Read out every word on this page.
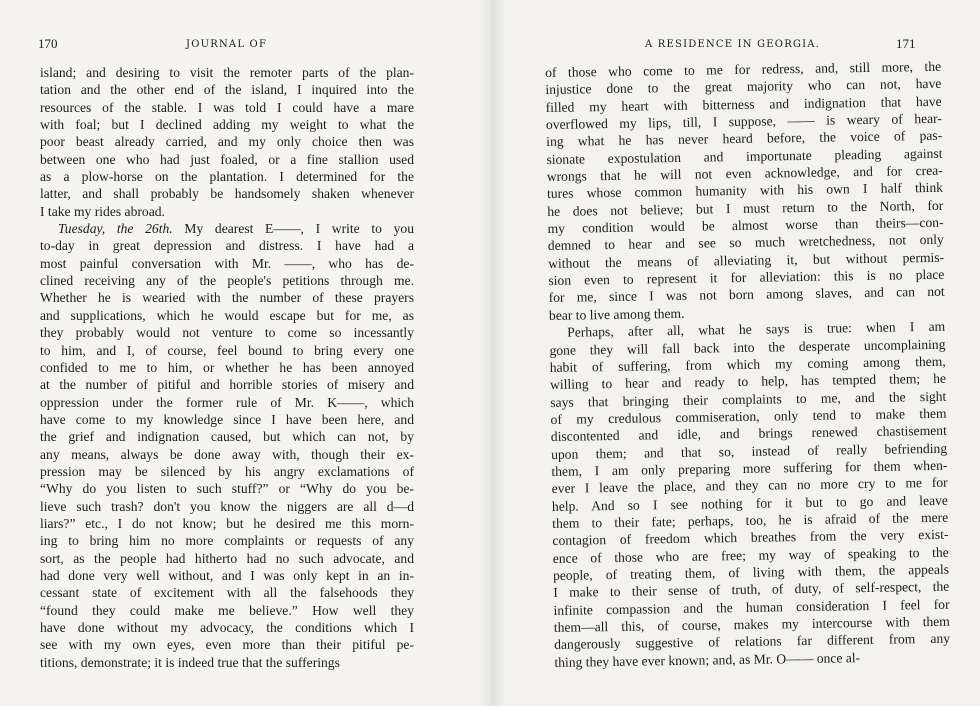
170	JOURNAL OF
island; and desiring to visit the remoter parts of the plan-
tation and the other end of the island, I inquired into the
resources of the stable. I was told I could have a mare
with foal; but I declined adding my weight to what the
poor beast already carried, and my only choice then was
between one who had just foaled, or a fine stallion used
as a plow-horse on the plantation. I determined for the
latter, and shall probably be handsomely shaken whenever
I take my rides abroad.
Tuesday, the 26th. My dearest E——, I write to you
to-day in great depression and distress. I have had a
most painful conversation with Mr. ——, who has de-
clined receiving any of the people's petitions through me.
Whether he is wearied with the number of these prayers
and supplications, which he would escape but for me, as
they probably would not venture to come so incessantly
to him, and I, of course, feel bound to bring every one
confided to me to him, or whether he has been annoyed
at the number of pitiful and horrible stories of misery and
oppression under the former rule of Mr. K——, which
have come to my knowledge since I have been here, and
the grief and indignation caused, but which can not, by
any means, always be done away with, though their ex-
pression may be silenced by his angry exclamations of
“Why do you listen to such stuff?” or “Why do you be-
lieve such trash? don't you know the niggers are all d—d
liars?” etc., I do not know; but he desired me this morn-
ing to bring him no more complaints or requests of any
sort, as the people had hitherto had no such advocate, and
had done very well without, and I was only kept in an in-
cessant state of excitement with all the falsehoods they
“found they could make me believe.” How well they
have done without my advocacy, the conditions which I
see with my own eyes, even more than their pitiful pe-
titions, demonstrate; it is indeed true that the sufferings
A RESIDENCE IN GEORGIA.	171
of those who come to me for redress, and, still more, the
injustice done to the great majority who can not, have
filled my heart with bitterness and indignation that have
overflowed my lips, till, I suppose, —— is weary of hear-
ing what he has never heard before, the voice of pas-
sionate expostulation and importunate pleading against
wrongs that he will not even acknowledge, and for crea-
tures whose common humanity with his own I half think
he does not believe; but I must return to the North, for
my condition would be almost worse than theirs—con-
demned to hear and see so much wretchedness, not only
without the means of alleviating it, but without permis-
sion even to represent it for alleviation: this is no place
for me, since I was not born among slaves, and can not
bear to live among them.
Perhaps, after all, what he says is true: when I am
gone they will fall back into the desperate uncomplaining
habit of suffering, from which my coming among them,
willing to hear and ready to help, has tempted them; he
says that bringing their complaints to me, and the sight
of my credulous commiseration, only tend to make them
discontented and idle, and brings renewed chastisement
upon them; and that so, instead of really befriending
them, I am only preparing more suffering for them when-
ever I leave the place, and they can no more cry to me for
help. And so I see nothing for it but to go and leave
them to their fate; perhaps, too, he is afraid of the mere
contagion of freedom which breathes from the very exist-
ence of those who are free; my way of speaking to the
people, of treating them, of living with them, the appeals
I make to their sense of truth, of duty, of self-respect, the
infinite compassion and the human consideration I feel for
them—all this, of course, makes my intercourse with them
dangerously suggestive of relations far different from any
thing they have ever known; and, as Mr. O—— once al-
